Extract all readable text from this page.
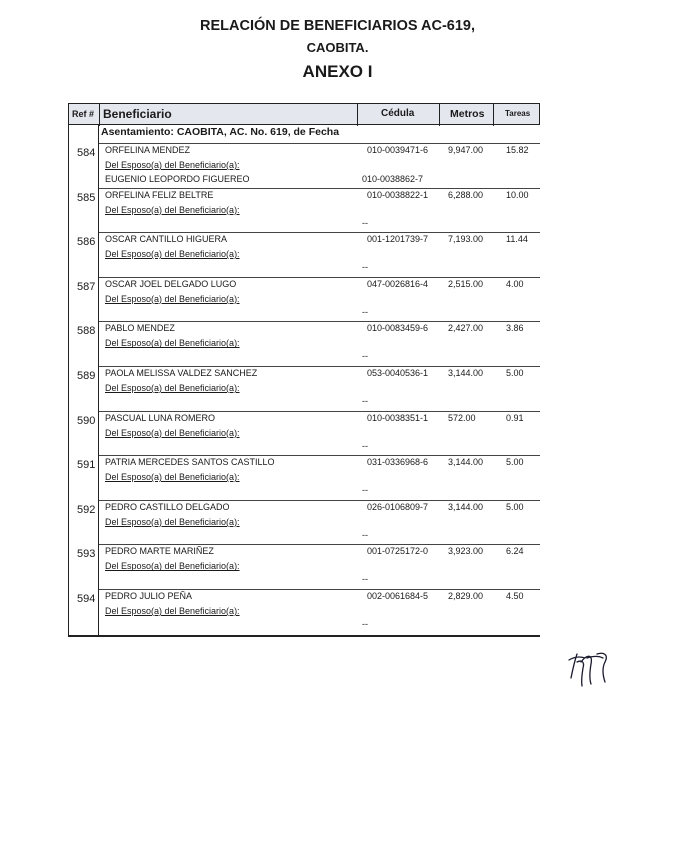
RELACIÓN DE BENEFICIARIOS AC-619,
CAOBITA.
ANEXO I
Ref # Beneficiario	Cédula	Metros	Tareas
Asentamiento: CAOBITA, AC. No. 619, de Fecha
584 ORFELINA MENDEZ	010-0039471-6 9,947.00	15.82
Del Esposo(a) del Beneficiario(a):
EUGENIO LEOPORDO FIGUEREO	010-0038862-7
585 ORFELINA FELIZ BELTRE	010-0038822-1 6,288.00	10.00
Del Esposo(a) del Beneficiario(a):
--
586 OSCAR CANTILLO HIGUERA	001-1201739-7 7,193.00	11.44
Del Esposo(a) del Beneficiario(a):
--
587 OSCAR JOEL DELGADO LUGO	047-0026816-4 2,515.00	4.00
Del Esposo(a) del Beneficiario(a):
--
588 PABLO MENDEZ	010-0083459-6 2,427.00	3.86
Del Esposo(a) del Beneficiario(a):
--
589 PAOLA MELISSA VALDEZ SANCHEZ	053-0040536-1 3,144.00	5.00
Del Esposo(a) del Beneficiario(a):
--
590 PASCUAL LUNA ROMERO	010-0038351-1 572.00	0.91
Del Esposo(a) del Beneficiario(a):
--
591 PATRIA MERCEDES SANTOS CASTILLO	031-0336968-6 3,144.00	5.00
Del Esposo(a) del Beneficiario(a):
--
592 PEDRO CASTILLO DELGADO	026-0106809-7 3,144.00	5.00
Del Esposo(a) del Beneficiario(a):
--
593 PEDRO MARTE MARIÑEZ	001-0725172-0 3,923.00	6.24
Del Esposo(a) del Beneficiario(a):
--
594 PEDRO JULIO PEÑA	002-0061684-5 2,829.00	4.50
Del Esposo(a) del Beneficiario(a):
--
